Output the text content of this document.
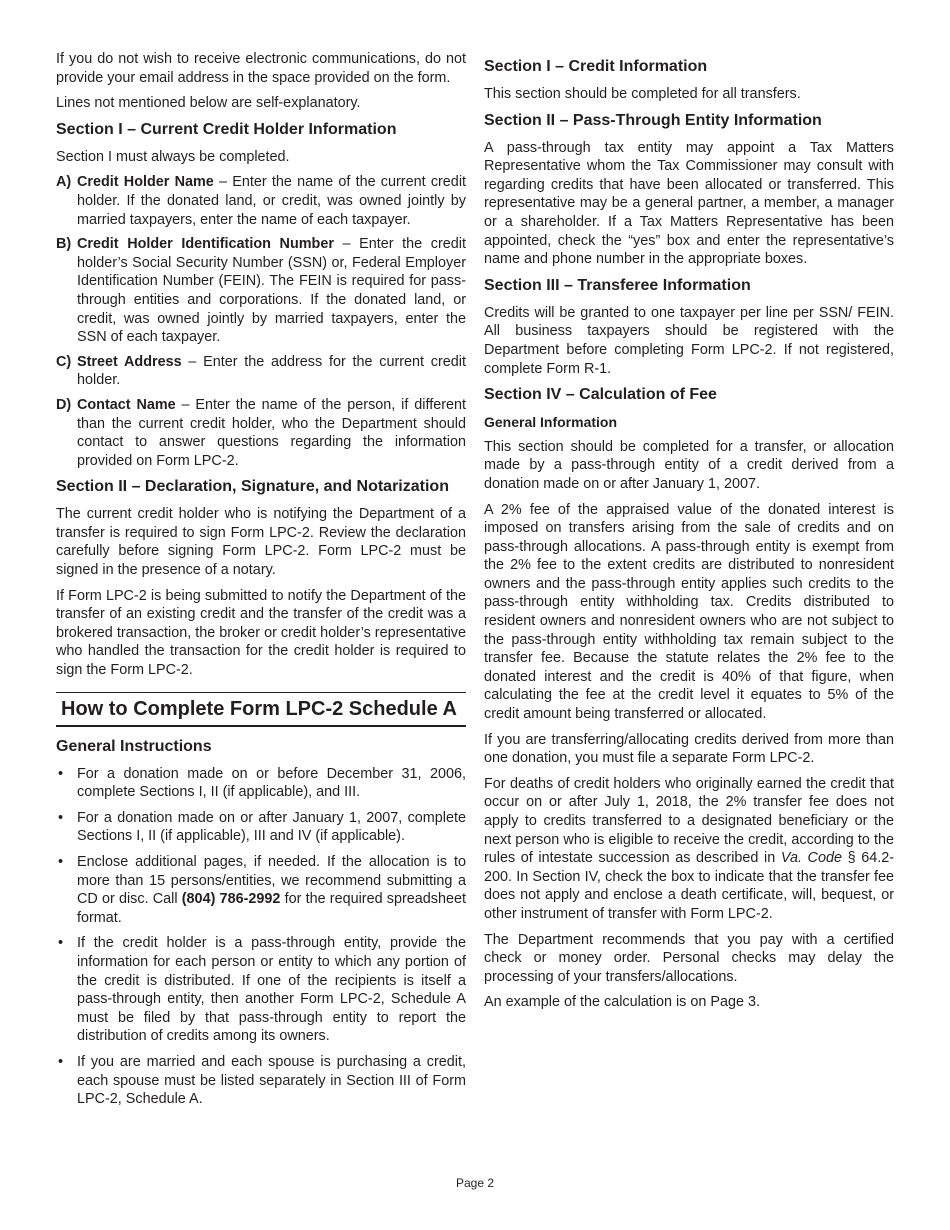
If you do not wish to receive electronic communications, do not provide your email address in the space provided on the form.

Lines not mentioned below are self-explanatory.

Section I – Current Credit Holder Information

Section I must always be completed.

A) Credit Holder Name – Enter the name of the current credit holder. If the donated land, or credit, was owned jointly by married taxpayers, enter the name of each taxpayer.
B) Credit Holder Identification Number – Enter the credit holder’s Social Security Number (SSN) or, Federal Employer Identification Number (FEIN). The FEIN is required for pass-through entities and corporations. If the donated land, or credit, was owned jointly by married taxpayers, enter the SSN of each taxpayer.
C) Street Address – Enter the address for the current credit holder.
D) Contact Name – Enter the name of the person, if different than the current credit holder, who the Department should contact to answer questions regarding the information provided on Form LPC-2.
Section II – Declaration, Signature, and Notarization

The current credit holder who is notifying the Department of a transfer is required to sign Form LPC-2. Review the declaration carefully before signing Form LPC-2. Form LPC-2 must be signed in the presence of a notary.

If Form LPC-2 is being submitted to notify the Department of the transfer of an existing credit and the transfer of the credit was a brokered transaction, the broker or credit holder’s representative who handled the transaction for the credit holder is required to sign the Form LPC-2.

How to Complete Form LPC-2 Schedule A
General Instructions
• For a donation made on or before December 31, 2006, complete Sections I, II (if applicable), and III.
• For a donation made on or after January 1, 2007, complete Sections I, II (if applicable), III and IV (if applicable).
• Enclose additional pages, if needed. If the allocation is to more than 15 persons/entities, we recommend submitting a CD or disc. Call (804) 786-2992 for the required spreadsheet format.
• If the credit holder is a pass-through entity, provide the information for each person or entity to which any portion of the credit is distributed. If one of the recipients is itself a pass-through entity, then another Form LPC-2, Schedule A must be filed by that pass-through entity to report the distribution of credits among its owners.
• If you are married and each spouse is purchasing a credit, each spouse must be listed separately in Section III of Form LPC-2, Schedule A.
Section I – Credit Information

This section should be completed for all transfers.

Section II – Pass-Through Entity Information

A pass-through tax entity may appoint a Tax Matters Representative whom the Tax Commissioner may consult with regarding credits that have been allocated or transferred. This representative may be a general partner, a member, a manager or a shareholder. If a Tax Matters Representative has been appointed, check the “yes” box and enter the representative’s name and phone number in the appropriate boxes.

Section III – Transferee Information

Credits will be granted to one taxpayer per line per SSN/ FEIN. All business taxpayers should be registered with the Department before completing Form LPC-2. If not registered, complete Form R-1.

Section IV – Calculation of Fee
General Information

This section should be completed for a transfer, or allocation made by a pass-through entity of a credit derived from a donation made on or after January 1, 2007.

A 2% fee of the appraised value of the donated interest is imposed on transfers arising from the sale of credits and on pass-through allocations. A pass-through entity is exempt from the 2% fee to the extent credits are distributed to nonresident owners and the pass-through entity applies such credits to the pass-through entity withholding tax. Credits distributed to resident owners and nonresident owners who are not subject to the pass-through entity withholding tax remain subject to the transfer fee. Because the statute relates the 2% fee to the donated interest and the credit is 40% of that figure, when calculating the fee at the credit level it equates to 5% of the credit amount being transferred or allocated.

If you are transferring/allocating credits derived from more than one donation, you must file a separate Form LPC-2.

For deaths of credit holders who originally earned the credit that occur on or after July 1, 2018, the 2% transfer fee does not apply to credits transferred to a designated beneficiary or the next person who is eligible to receive the credit, according to the rules of intestate succession as described in Va. Code § 64.2-200. In Section IV, check the box to indicate that the transfer fee does not apply and enclose a death certificate, will, bequest, or other instrument of transfer with Form LPC-2.

The Department recommends that you pay with a certified check or money order. Personal checks may delay the processing of your transfers/allocations.

An example of the calculation is on Page 3.

Page 2
